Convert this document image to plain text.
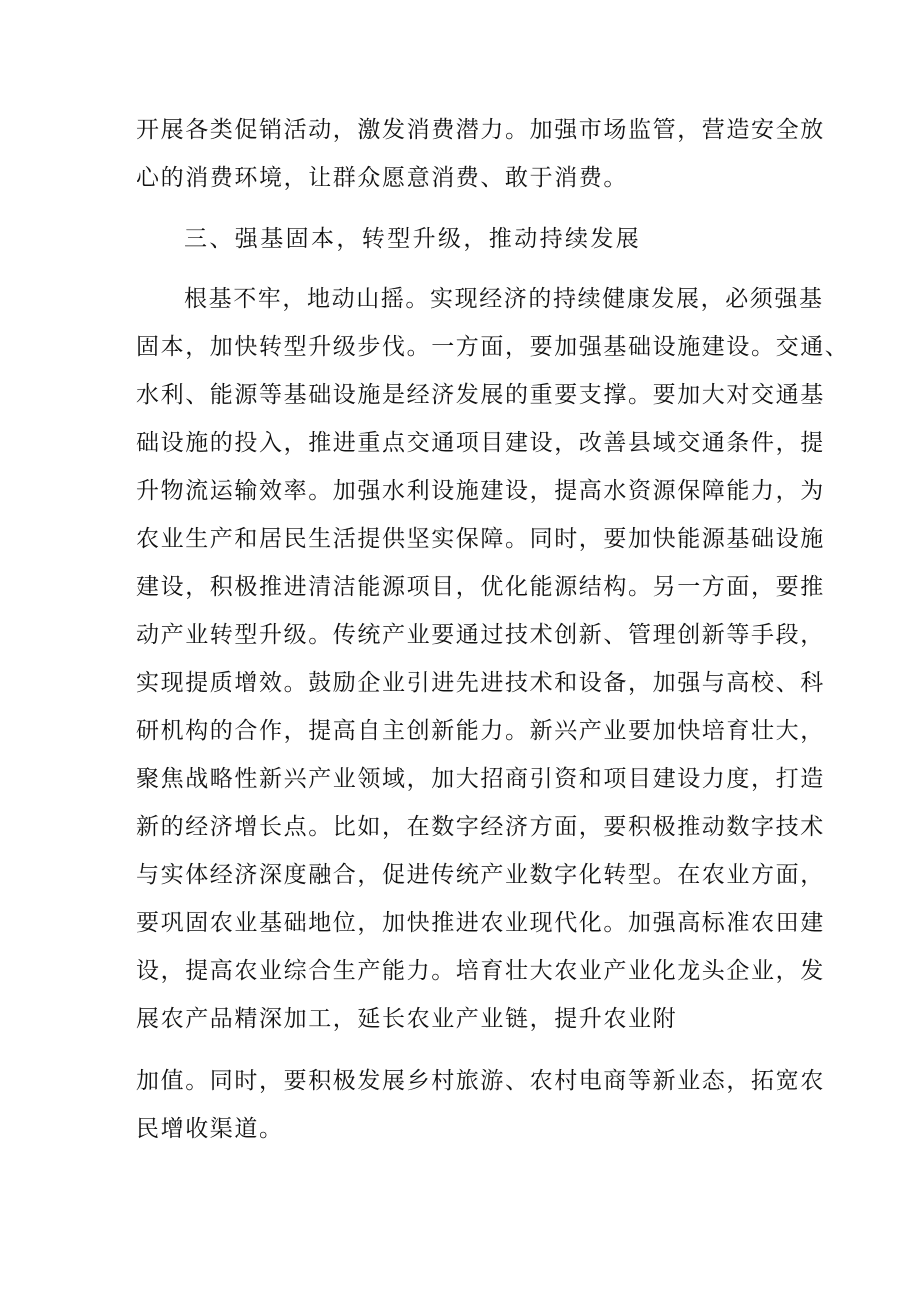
开展各类促销活动，激发消费潜力。加强市场监管，营造安全放

心的消费环境，让群众愿意消费、敢于消费。

三、强基固本，转型升级，推动持续发展

根基不牢，地动山摇。实现经济的持续健康发展，必须强基

固本，加快转型升级步伐。一方面，要加强基础设施建设。交通、

水利、能源等基础设施是经济发展的重要支撑。要加大对交通基

础设施的投入，推进重点交通项目建设，改善县域交通条件，提

升物流运输效率。加强水利设施建设，提高水资源保障能力，为

农业生产和居民生活提供坚实保障。同时，要加快能源基础设施

建设，积极推进清洁能源项目，优化能源结构。另一方面，要推

动产业转型升级。传统产业要通过技术创新、管理创新等手段，

实现提质增效。鼓励企业引进先进技术和设备，加强与高校、科

研机构的合作，提高自主创新能力。新兴产业要加快培育壮大，

聚焦战略性新兴产业领域，加大招商引资和项目建设力度，打造

新的经济增长点。比如，在数字经济方面，要积极推动数字技术

与实体经济深度融合，促进传统产业数字化转型。在农业方面，

要巩固农业基础地位，加快推进农业现代化。加强高标准农田建

设，提高农业综合生产能力。培育壮大农业产业化龙头企业，发

展农产品精深加工，延长农业产业链，提升农业附

加值。同时，要积极发展乡村旅游、农村电商等新业态，拓宽农

民增收渠道。
